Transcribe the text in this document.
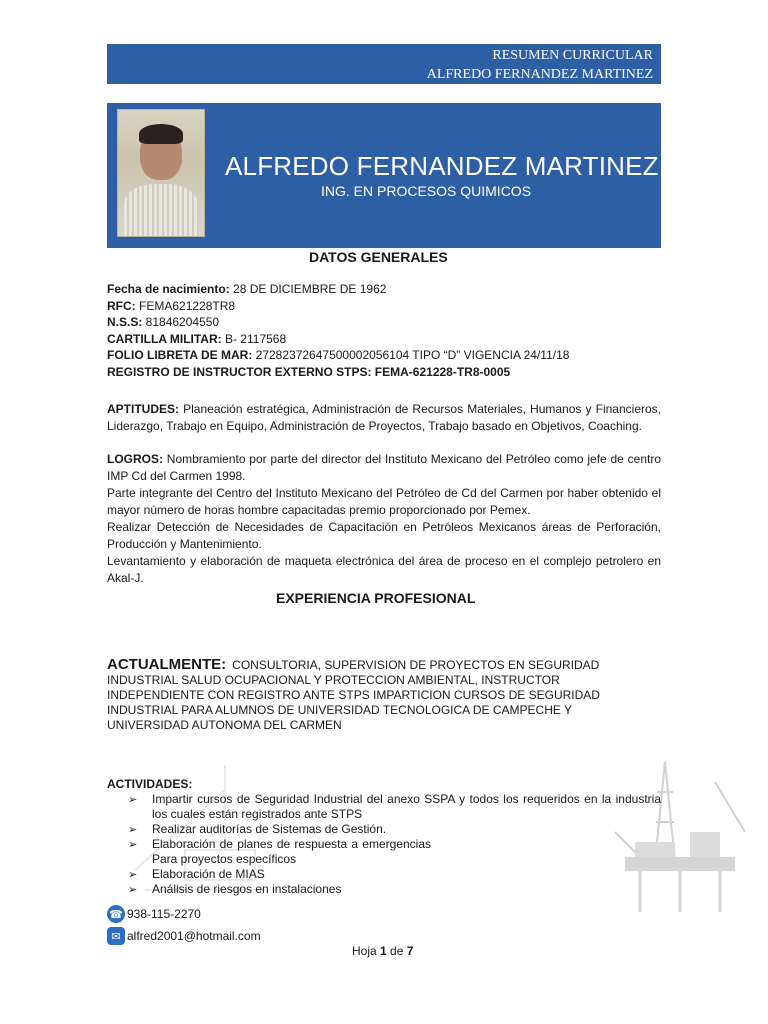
RESUMEN CURRICULAR
ALFREDO FERNANDEZ MARTINEZ
ALFREDO FERNANDEZ MARTINEZ
ING. EN PROCESOS QUIMICOS
DATOS GENERALES
Fecha de nacimiento: 28 DE DICIEMBRE DE 1962
RFC: FEMA621228TR8
N.S.S: 81846204550
CARTILLA MILITAR: B- 2117568
FOLIO LIBRETA DE MAR: 27282372647500002056104 TIPO “D” VIGENCIA 24/11/18
REGISTRO DE INSTRUCTOR EXTERNO STPS: FEMA-621228-TR8-0005
APTITUDES: Planeación estratégica, Administración de Recursos Materiales, Humanos y Financieros, Liderazgo, Trabajo en Equipo, Administración de Proyectos, Trabajo basado en Objetivos, Coaching.
LOGROS: Nombramiento por parte del director del Instituto Mexicano del Petróleo como jefe de centro IMP Cd del Carmen 1998.
Parte integrante del Centro del Instituto Mexicano del Petróleo de Cd del Carmen por haber obtenido el mayor número de horas hombre capacitadas premio proporcionado por Pemex.
Realizar Detección de Necesidades de Capacitación en Petróleos Mexicanos áreas de Perforación, Producción y Mantenimiento.
Levantamiento y elaboración de maqueta electrónica del área de proceso en el complejo petrolero en Akal-J.
EXPERIENCIA PROFESIONAL
ACTUALMENTE: CONSULTORIA, SUPERVISION DE PROYECTOS EN SEGURIDAD INDUSTRIAL SALUD OCUPACIONAL Y PROTECCION AMBIENTAL, INSTRUCTOR INDEPENDIENTE CON REGISTRO ANTE STPS IMPARTICION CURSOS DE SEGURIDAD INDUSTRIAL PARA ALUMNOS DE UNIVERSIDAD TECNOLOGICA DE CAMPECHE Y UNIVERSIDAD AUTONOMA DEL CARMEN
ACTIVIDADES:
➢ Impartir cursos de Seguridad Industrial del anexo SSPA y todos los requeridos en la industria los cuales están registrados ante STPS
➢ Realizar auditorías de Sistemas de Gestión.
➢ Elaboración de planes de respuesta a emergencias Para proyectos específicos
➢ Elaboración de MIAS
➢ Análisis de riesgos en instalaciones
☎ 938-115-2270
✉ alfred2001@hotmail.com
Hoja 1 de 7
